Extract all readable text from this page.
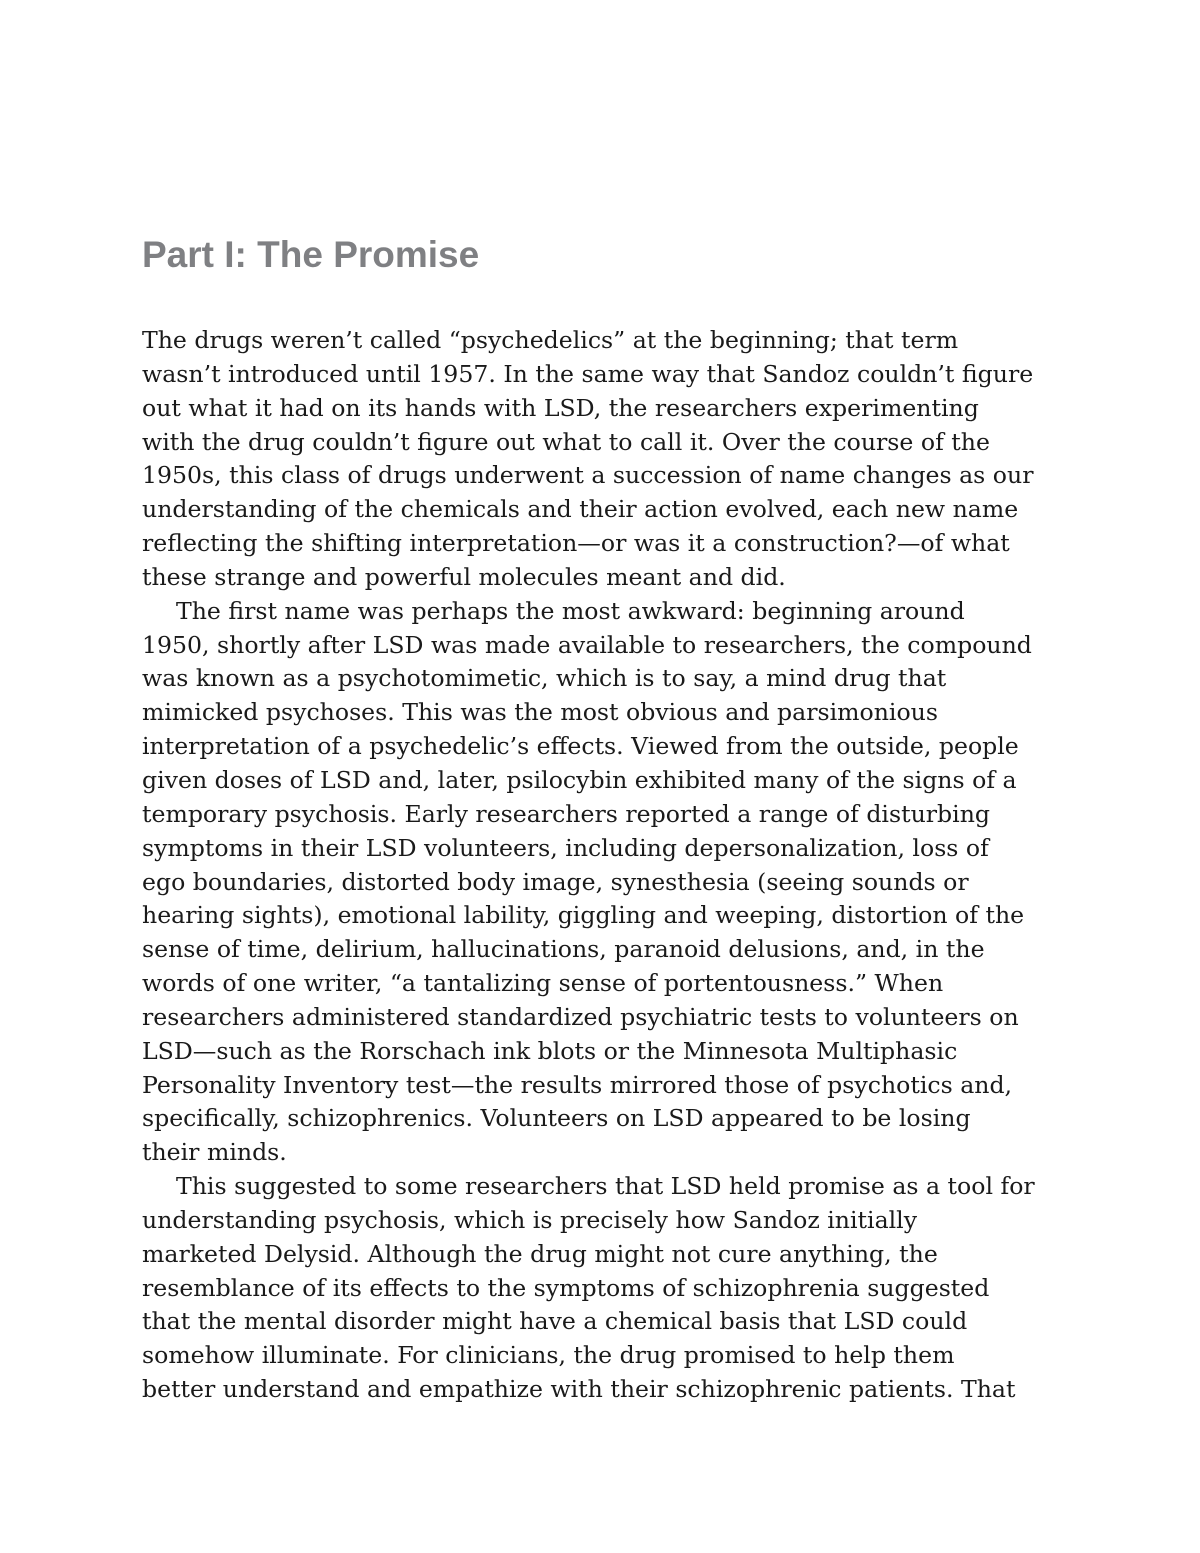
Part I: The Promise
The drugs weren’t called “psychedelics” at the beginning; that term
wasn’t introduced until 1957. In the same way that Sandoz couldn’t figure
out what it had on its hands with LSD, the researchers experimenting
with the drug couldn’t figure out what to call it. Over the course of the
1950s, this class of drugs underwent a succession of name changes as our
understanding of the chemicals and their action evolved, each new name
reflecting the shifting interpretation—or was it a construction?—of what
these strange and powerful molecules meant and did.
The first name was perhaps the most awkward: beginning around
1950, shortly after LSD was made available to researchers, the compound
was known as a psychotomimetic, which is to say, a mind drug that
mimicked psychoses. This was the most obvious and parsimonious
interpretation of a psychedelic’s effects. Viewed from the outside, people
given doses of LSD and, later, psilocybin exhibited many of the signs of a
temporary psychosis. Early researchers reported a range of disturbing
symptoms in their LSD volunteers, including depersonalization, loss of
ego boundaries, distorted body image, synesthesia (seeing sounds or
hearing sights), emotional lability, giggling and weeping, distortion of the
sense of time, delirium, hallucinations, paranoid delusions, and, in the
words of one writer, “a tantalizing sense of portentousness.” When
researchers administered standardized psychiatric tests to volunteers on
LSD—such as the Rorschach ink blots or the Minnesota Multiphasic
Personality Inventory test—the results mirrored those of psychotics and,
specifically, schizophrenics. Volunteers on LSD appeared to be losing
their minds.
This suggested to some researchers that LSD held promise as a tool for
understanding psychosis, which is precisely how Sandoz initially
marketed Delysid. Although the drug might not cure anything, the
resemblance of its effects to the symptoms of schizophrenia suggested
that the mental disorder might have a chemical basis that LSD could
somehow illuminate. For clinicians, the drug promised to help them
better understand and empathize with their schizophrenic patients. That
